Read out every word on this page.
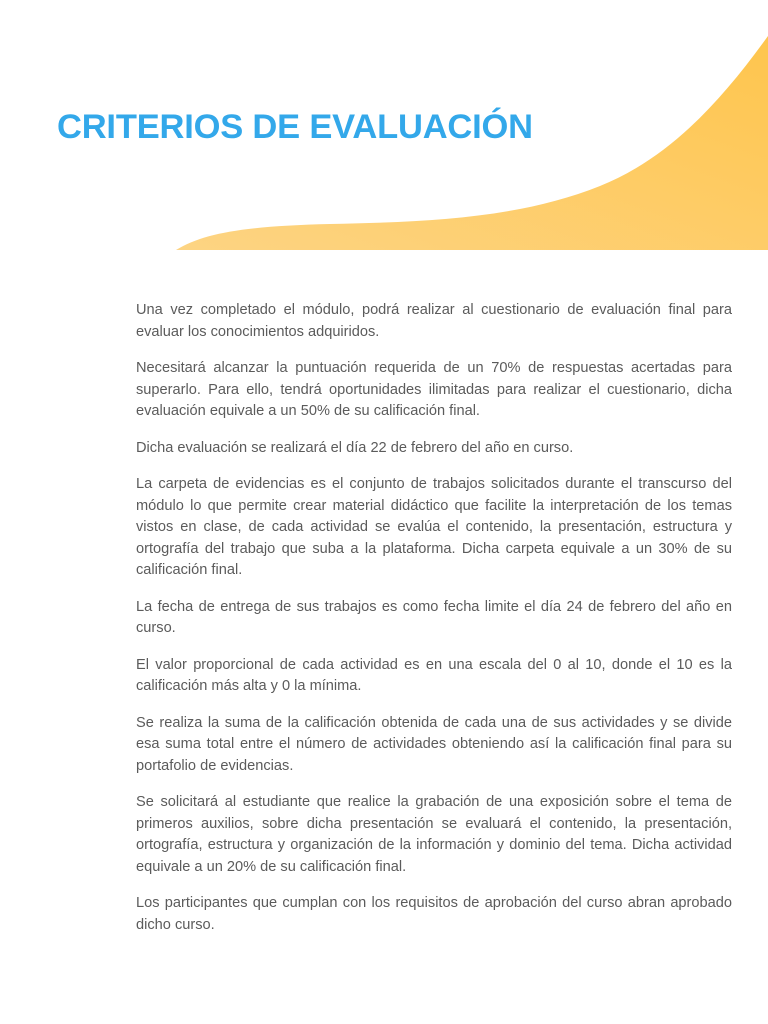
CRITERIOS DE EVALUACIÓN

Una vez completado el módulo, podrá realizar al cuestionario de evaluación final para evaluar los conocimientos adquiridos.

Necesitará alcanzar la puntuación requerida de un 70% de respuestas acertadas para superarlo. Para ello, tendrá oportunidades ilimitadas para realizar el cuestionario, dicha evaluación equivale a un 50% de su calificación final.

Dicha evaluación se realizará el día 22 de febrero del año en curso.

La carpeta de evidencias es el conjunto de trabajos solicitados durante el transcurso del módulo lo que permite crear material didáctico que facilite la interpretación de los temas vistos en clase, de cada actividad se evalúa el contenido, la presentación, estructura y ortografía del trabajo que suba a la plataforma. Dicha carpeta equivale a un 30% de su calificación final.

La fecha de entrega de sus trabajos es como fecha limite el día 24 de febrero del año en curso.

El valor proporcional de cada actividad es en una escala del 0 al 10, donde el 10 es la calificación más alta y 0 la mínima.

Se realiza la suma de la calificación obtenida de cada una de sus actividades y se divide esa suma total entre el número de actividades obteniendo así la calificación final para su portafolio de evidencias.

Se solicitará al estudiante que realice la grabación de una exposición sobre el tema de primeros auxilios, sobre dicha presentación se evaluará el contenido, la presentación, ortografía, estructura y organización de la información y dominio del tema. Dicha actividad equivale a un 20% de su calificación final.

Los participantes que cumplan con los requisitos de aprobación del curso abran aprobado dicho curso.
